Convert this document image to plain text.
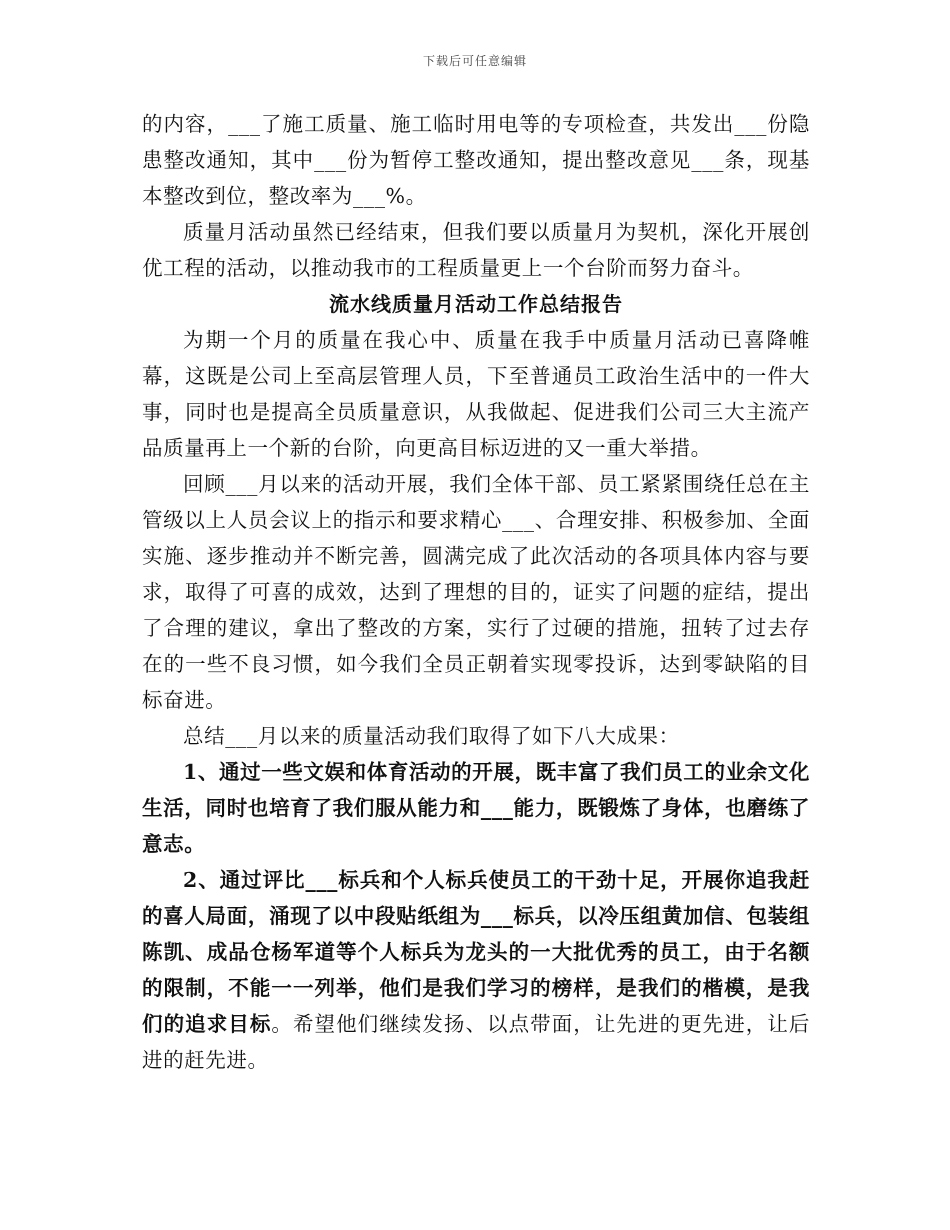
下载后可任意编辑

的内容，___了施工质量、施工临时用电等的专项检查，共发出___份隐患整改通知，其中___份为暂停工整改通知，提出整改意见___条，现基本整改到位，整改率为___%。

质量月活动虽然已经结束，但我们要以质量月为契机，深化开展创优工程的活动，以推动我市的工程质量更上一个台阶而努力奋斗。

流水线质量月活动工作总结报告

为期一个月的质量在我心中、质量在我手中质量月活动已喜降帷幕，这既是公司上至高层管理人员，下至普通员工政治生活中的一件大事，同时也是提高全员质量意识，从我做起、促进我们公司三大主流产品质量再上一个新的台阶，向更高目标迈进的又一重大举措。

回顾___月以来的活动开展，我们全体干部、员工紧紧围绕任总在主管级以上人员会议上的指示和要求精心___、合理安排、积极参加、全面实施、逐步推动并不断完善，圆满完成了此次活动的各项具体内容与要求，取得了可喜的成效，达到了理想的目的，证实了问题的症结，提出了合理的建议，拿出了整改的方案，实行了过硬的措施，扭转了过去存在的一些不良习惯，如今我们全员正朝着实现零投诉，达到零缺陷的目标奋进。

总结___月以来的质量活动我们取得了如下八大成果：

1、通过一些文娱和体育活动的开展，既丰富了我们员工的业余文化生活，同时也培育了我们服从能力和___能力，既锻炼了身体，也磨练了意志。

2、通过评比___标兵和个人标兵使员工的干劲十足，开展你追我赶的喜人局面，涌现了以中段贴纸组为___标兵，以冷压组黄加信、包装组陈凯、成品仓杨军道等个人标兵为龙头的一大批优秀的员工，由于名额的限制，不能一一列举，他们是我们学习的榜样，是我们的楷模，是我们的追求目标。希望他们继续发扬、以点带面，让先进的更先进，让后进的赶先进。
